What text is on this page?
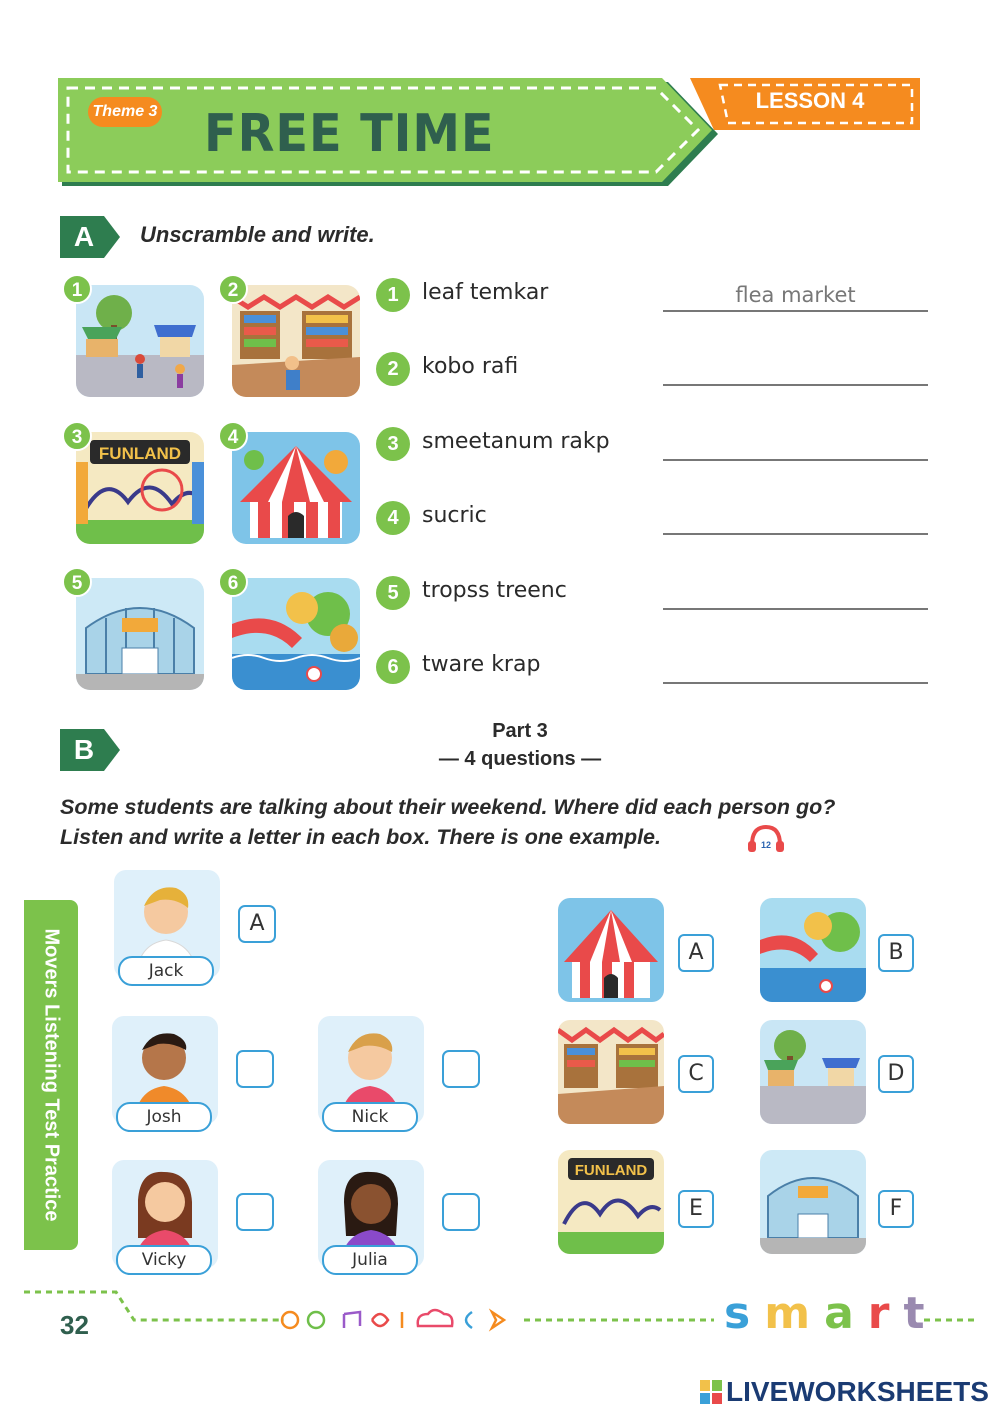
Theme 3 FREE TIME
LESSON 4
A	Unscramble and write.
1	2
FUNLAND
3	4
5	6
1	leaf temkar
flea market
2	kobo rafi
3	smeetanum rakp
4	sucric
5	tropss treenc
6	tware krap
B
Part 3
— 4 questions —
Some students are talking about their weekend. Where did each person go?
Listen and write a letter in each box. There is one example.	12
Jack
A
Josh	Nick
Vicky	Julia
A	B
C	D
FUNLAND
E	F
Movers Listening Test Practice
32	smart
LIVEWORKSHEETS
